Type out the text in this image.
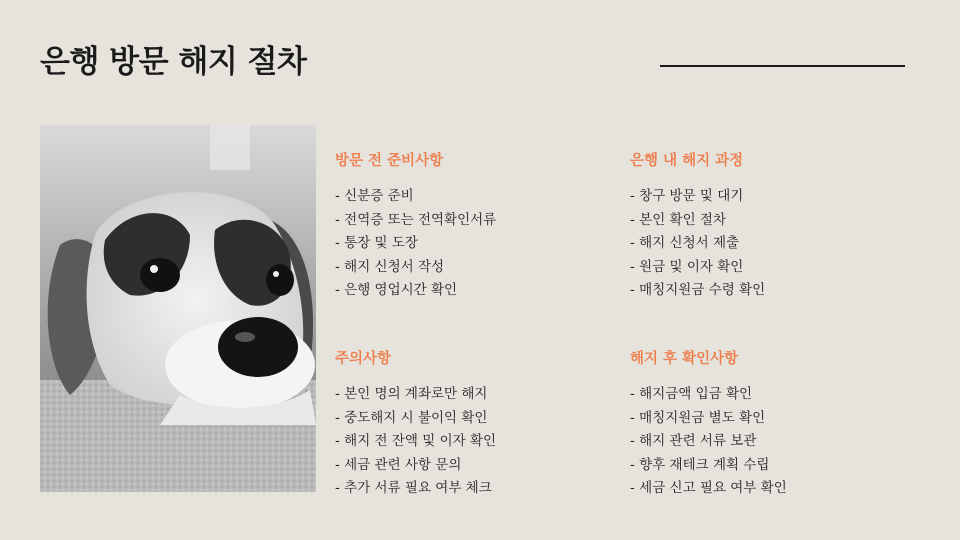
은행 방문 해지 절차
방문 전 준비사항
- 신분증 준비
- 전역증 또는 전역확인서류
- 통장 및 도장
- 해지 신청서 작성
- 은행 영업시간 확인
은행 내 해지 과정
- 창구 방문 및 대기
- 본인 확인 절차
- 해지 신청서 제출
- 원금 및 이자 확인
- 매칭지원금 수령 확인
주의사항
- 본인 명의 계좌로만 해지
- 중도해지 시 불이익 확인
- 해지 전 잔액 및 이자 확인
- 세금 관련 사항 문의
- 추가 서류 필요 여부 체크
해지 후 확인사항
- 해지금액 입금 확인
- 매칭지원금 별도 확인
- 해지 관련 서류 보관
- 향후 재테크 계획 수립
- 세금 신고 필요 여부 확인
